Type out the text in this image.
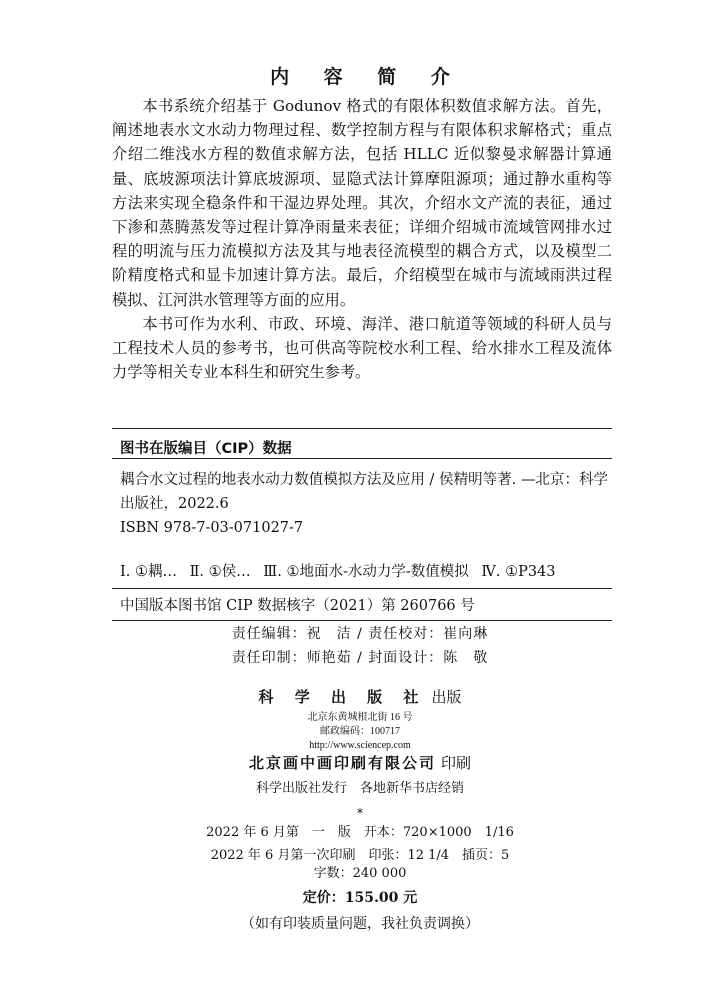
内 容 简 介

本书系统介绍基于 Godunov 格式的有限体积数值求解方法。首先，阐述地表水文水动力物理过程、数学控制方程与有限体积求解格式；重点介绍二维浅水方程的数值求解方法，包括 HLLC 近似黎曼求解器计算通量、底坡源项法计算底坡源项、显隐式法计算摩阻源项；通过静水重构等方法来实现全稳条件和干湿边界处理。其次，介绍水文产流的表征，通过下渗和蒸腾蒸发等过程计算净雨量来表征；详细介绍城市流域管网排水过程的明流与压力流模拟方法及其与地表径流模型的耦合方式，以及模型二阶精度格式和显卡加速计算方法。最后，介绍模型在城市与流域雨洪过程模拟、江河洪水管理等方面的应用。

本书可作为水利、市政、环境、海洋、港口航道等领域的科研人员与工程技术人员的参考书，也可供高等院校水利工程、给水排水工程及流体力学等相关专业本科生和研究生参考。

图书在版编目（CIP）数据

耦合水文过程的地表水动力数值模拟方法及应用 / 侯精明等著. —北京：科学出版社，2022.6

ISBN 978-7-03-071027-7

Ⅰ. ①耦… Ⅱ. ①侯… Ⅲ. ①地面水-水动力学-数值模拟 Ⅳ. ①P343
中国版本图书馆 CIP 数据核字（2021）第 260766 号
责任编辑：祝　洁 / 责任校对：崔向琳
责任印制：师艳茹 / 封面设计：陈　敬
科 学 出 版 社 出版
北京东黄城根北街 16 号
邮政编码：100717
http://www.sciencep.com
北京画中画印刷有限公司 印刷
科学出版社发行　各地新华书店经销
*
2022 年 6 月第　一　版　开本：720×1000　1/16
2022 年 6 月第一次印刷　印张：12 1/4　插页：5
字数：240 000
定价：155.00 元
（如有印装质量问题，我社负责调换）
